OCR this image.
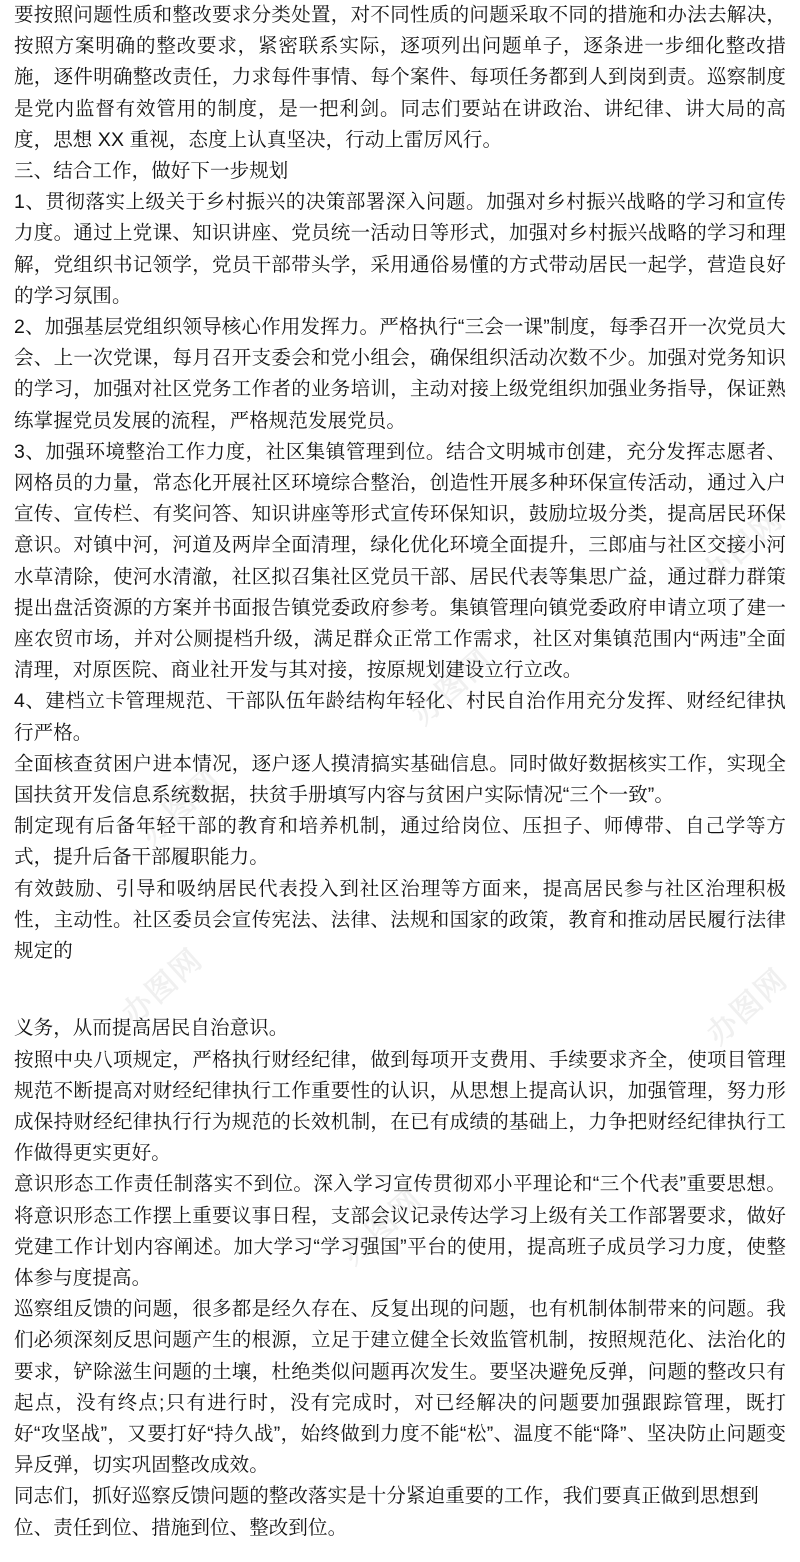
办图网
办图网
办图网
办图网
办图网
办图网

要按照问题性质和整改要求分类处置，对不同性质的问题采取不同的措施和办法去解决，按照方案明确的整改要求，紧密联系实际，逐项列出问题单子，逐条进一步细化整改措施，逐件明确整改责任，力求每件事情、每个案件、每项任务都到人到岗到责。巡察制度是党内监督有效管用的制度，是一把利剑。同志们要站在讲政治、讲纪律、讲大局的高度，思想 XX 重视，态度上认真坚决，行动上雷厉风行。

三、结合工作，做好下一步规划

1、贯彻落实上级关于乡村振兴的决策部署深入问题。加强对乡村振兴战略的学习和宣传力度。通过上党课、知识讲座、党员统一活动日等形式，加强对乡村振兴战略的学习和理解，党组织书记领学，党员干部带头学，采用通俗易懂的方式带动居民一起学，营造良好的学习氛围。

2、加强基层党组织领导核心作用发挥力。严格执行“三会一课”制度，每季召开一次党员大会、上一次党课，每月召开支委会和党小组会，确保组织活动次数不少。加强对党务知识的学习，加强对社区党务工作者的业务培训，主动对接上级党组织加强业务指导，保证熟练掌握党员发展的流程，严格规范发展党员。

3、加强环境整治工作力度，社区集镇管理到位。结合文明城市创建，充分发挥志愿者、网格员的力量，常态化开展社区环境综合整治，创造性开展多种环保宣传活动，通过入户宣传、宣传栏、有奖问答、知识讲座等形式宣传环保知识，鼓励垃圾分类，提高居民环保意识。对镇中河，河道及两岸全面清理，绿化优化环境全面提升，三郎庙与社区交接小河水草清除，使河水清澈，社区拟召集社区党员干部、居民代表等集思广益，通过群力群策提出盘活资源的方案并书面报告镇党委政府参考。集镇管理向镇党委政府申请立项了建一座农贸市场，并对公厕提档升级，满足群众正常工作需求，社区对集镇范围内“两违”全面清理，对原医院、商业社开发与其对接，按原规划建设立行立改。

4、建档立卡管理规范、干部队伍年龄结构年轻化、村民自治作用充分发挥、财经纪律执行严格。

全面核查贫困户进本情况，逐户逐人摸清搞实基础信息。同时做好数据核实工作，实现全国扶贫开发信息系统数据，扶贫手册填写内容与贫困户实际情况“三个一致”。

制定现有后备年轻干部的教育和培养机制，通过给岗位、压担子、师傅带、自己学等方式，提升后备干部履职能力。

有效鼓励、引导和吸纳居民代表投入到社区治理等方面来，提高居民参与社区治理积极性，主动性。社区委员会宣传宪法、法律、法规和国家的政策，教育和推动居民履行法律规定的

义务，从而提高居民自治意识。

按照中央八项规定，严格执行财经纪律，做到每项开支费用、手续要求齐全，使项目管理规范不断提高对财经纪律执行工作重要性的认识，从思想上提高认识，加强管理，努力形成保持财经纪律执行行为规范的长效机制，在已有成绩的基础上，力争把财经纪律执行工作做得更实更好。

意识形态工作责任制落实不到位。深入学习宣传贯彻邓小平理论和“三个代表”重要思想。将意识形态工作摆上重要议事日程，支部会议记录传达学习上级有关工作部署要求，做好党建工作计划内容阐述。加大学习“学习强国”平台的使用，提高班子成员学习力度，使整体参与度提高。

巡察组反馈的问题，很多都是经久存在、反复出现的问题，也有机制体制带来的问题。我们必须深刻反思问题产生的根源，立足于建立健全长效监管机制，按照规范化、法治化的要求，铲除滋生问题的土壤，杜绝类似问题再次发生。要坚决避免反弹，问题的整改只有起点，没有终点;只有进行时，没有完成时，对已经解决的问题要加强跟踪管理，既打好“攻坚战”，又要打好“持久战”，始终做到力度不能“松”、温度不能“降”、坚决防止问题变异反弹，切实巩固整改成效。

同志们，抓好巡察反馈问题的整改落实是十分紧迫重要的工作，我们要真正做到思想到位、责任到位、措施到位、整改到位。
